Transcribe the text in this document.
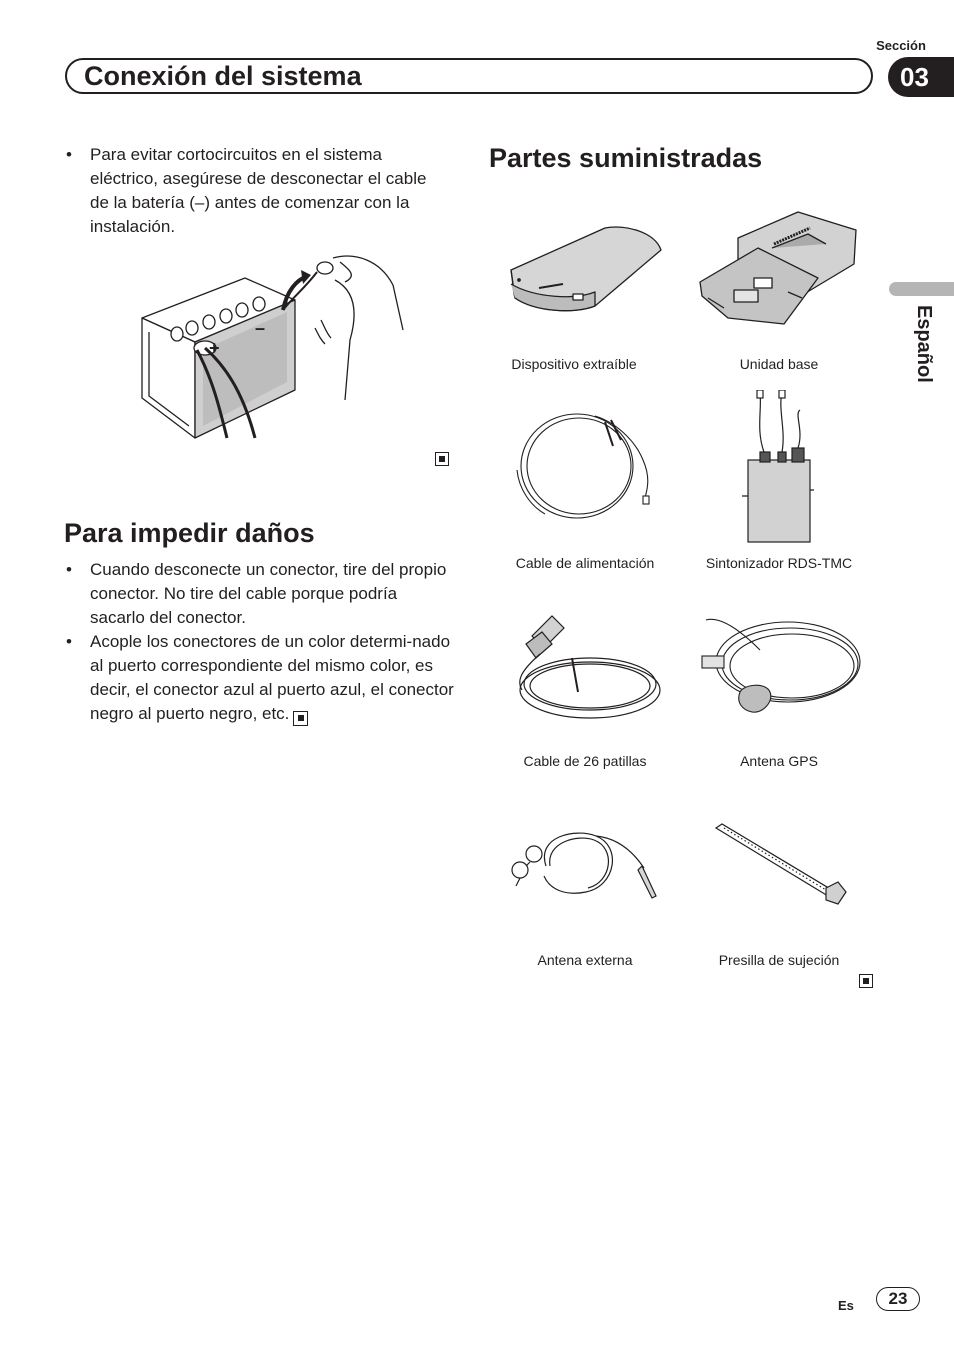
Sección
Conexión del sistema	03
Español
• Para evitar cortocircuitos en el sistema eléctrico, asegúrese de desconectar el cable de la batería (–) antes de comenzar con la instalación.
–
+
Para impedir daños
• Cuando desconecte un conector, tire del propio conector. No tire del cable porque podría sacarlo del conector.
• Acople los conectores de un color determi-nado al puerto correspondiente del mismo color, es decir, el conector azul al puerto azul, el conector negro al puerto negro, etc.
Partes suministradas
Dispositivo extraíble	Unidad base
Cable de alimentación	Sintonizador RDS-TMC
Cable de 26 patillas	Antena GPS
Antena externa	Presilla de sujeción
Es	23
